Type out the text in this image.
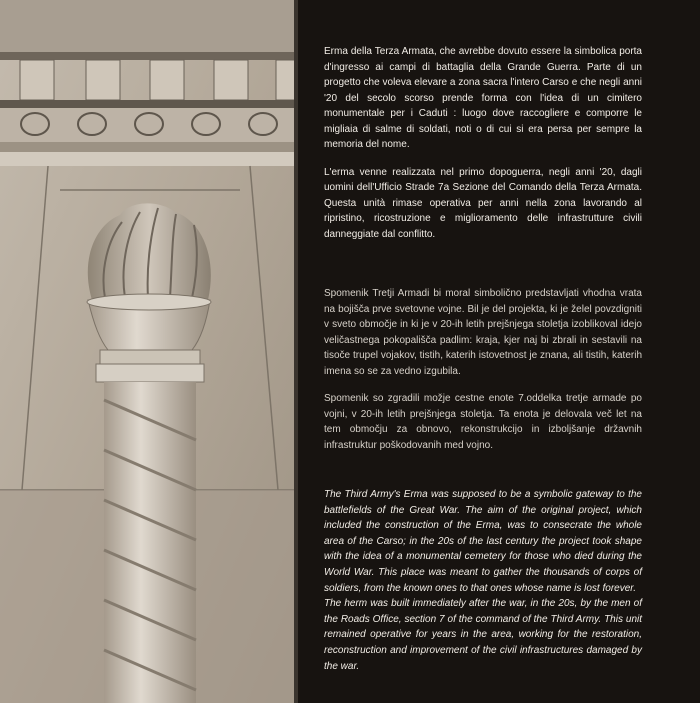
Erma della Terza Armata, che avrebbe dovuto essere la simbolica porta d'ingresso ai campi di battaglia della Grande Guerra. Parte di un progetto che voleva elevare a zona sacra l'intero Carso e che negli anni '20 del secolo scorso prende forma con l'idea di un cimitero monumentale per i Caduti : luogo dove raccogliere e comporre le migliaia di salme di soldati, noti o di cui si era persa per sempre la memoria del nome.

L'erma venne realizzata nel primo dopoguerra, negli anni '20, dagli uomini dell'Ufficio Strade 7a Sezione del Comando della Terza Armata. Questa unità rimase operativa per anni nella zona lavorando al ripristino, ricostruzione e miglioramento delle infrastrutture civili danneggiate dal conflitto.

Spomenik Tretji Armadi bi moral simbolično predstavljati vhodna vrata na bojišča prve svetovne vojne. Bil je del projekta, ki je želel povzdigniti v sveto območje in ki je v 20-ih letih prejšnjega stoletja izoblikoval idejo veličastnega pokopališča padlim: kraja, kjer naj bi zbrali in sestavili na tisoče trupel vojakov, tistih, katerih istovetnost je znana, ali tistih, katerih imena so se za vedno izgubila.

Spomenik so zgradili možje cestne enote 7.oddelka tretje armade po vojni, v 20-ih letih prejšnjega stoletja. Ta enota je delovala več let na tem območju za obnovo, rekonstrukcijo in izboljšanje državnih infrastruktur poškodovanih med vojno.

The Third Army's Erma was supposed to be a symbolic gateway to the battlefields of the Great War. The aim of the original project, which included the construction of the Erma, was to consecrate the whole area of the Carso; in the 20s of the last century the project took shape with the idea of a monumental cemetery for those who died during the World War. This place was meant to gather the thousands of corps of soldiers, from the known ones to that ones whose name is lost forever.

The herm was built immediately after the war, in the 20s, by the men of the Roads Office, section 7 of the command of the Third Army. This unit remained operative for years in the area, working for the restoration, reconstruction and improvement of the civil infrastructures damaged by the war.
